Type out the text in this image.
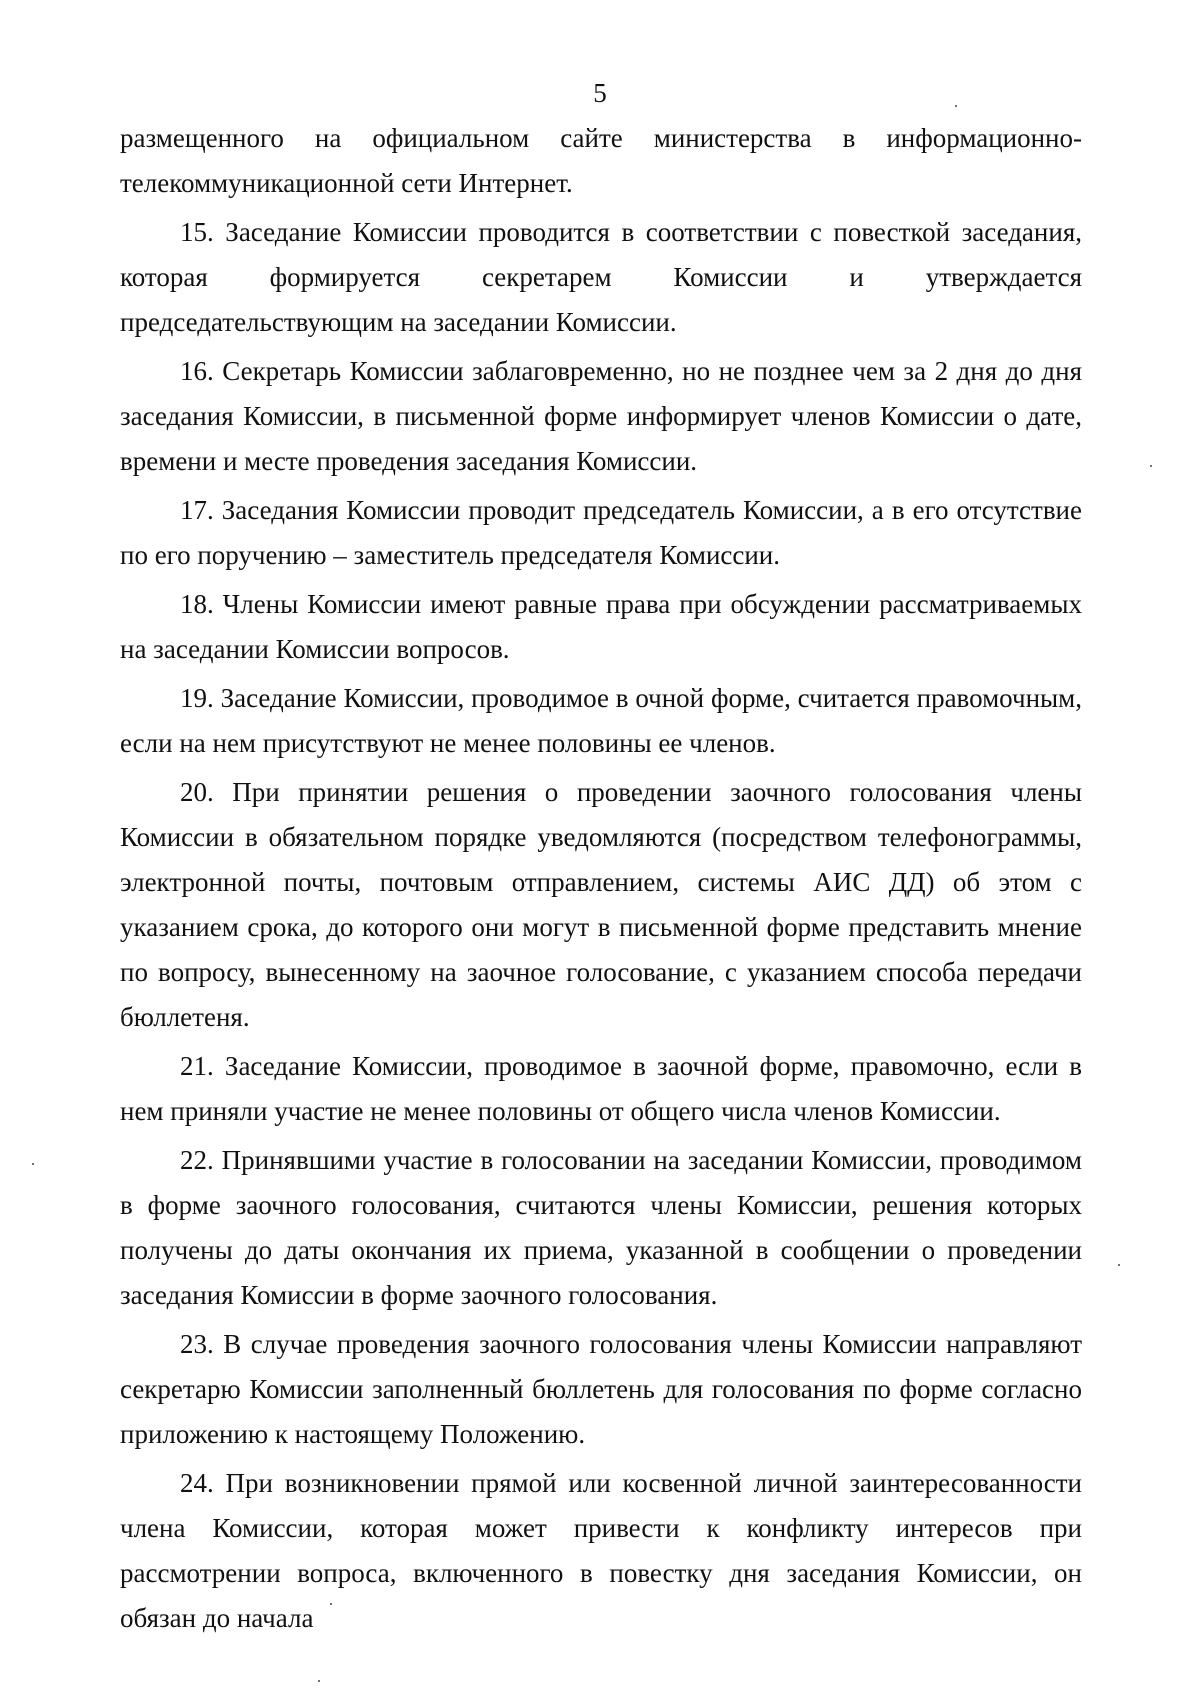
5

размещенного на официальном сайте министерства в информационно-
телекоммуникационной сети Интернет.

15. Заседание Комиссии проводится в соответствии с повесткой заседания, которая формируется секретарем Комиссии и утверждается председательствующим на заседании Комиссии.

16. Секретарь Комиссии заблаговременно, но не позднее чем за 2 дня до дня заседания Комиссии, в письменной форме информирует членов Комиссии о дате, времени и месте проведения заседания Комиссии.

17. Заседания Комиссии проводит председатель Комиссии, а в его отсутствие по его поручению – заместитель председателя Комиссии.

18. Члены Комиссии имеют равные права при обсуждении рассматриваемых на заседании Комиссии вопросов.

19. Заседание Комиссии, проводимое в очной форме, считается правомочным, если на нем присутствуют не менее половины ее членов.

20. При принятии решения о проведении заочного голосования члены Комиссии в обязательном порядке уведомляются (посредством телефонограммы, электронной почты, почтовым отправлением, системы АИС ДД) об этом с указанием срока, до которого они могут в письменной форме представить мнение по вопросу, вынесенному на заочное голосование, с указанием способа передачи бюллетеня.

21. Заседание Комиссии, проводимое в заочной форме, правомочно, если в нем приняли участие не менее половины от общего числа членов Комиссии.

22. Принявшими участие в голосовании на заседании Комиссии, проводимом в форме заочного голосования, считаются члены Комиссии, решения которых получены до даты окончания их приема, указанной в сообщении о проведении заседания Комиссии в форме заочного голосования.

23. В случае проведения заочного голосования члены Комиссии направляют секретарю Комиссии заполненный бюллетень для голосования по форме согласно приложению к настоящему Положению.

24. При возникновении прямой или косвенной личной заинтересованности члена Комиссии, которая может привести к конфликту интересов при рассмотрении вопроса, включенного в повестку дня заседания Комиссии, он обязан до начала
